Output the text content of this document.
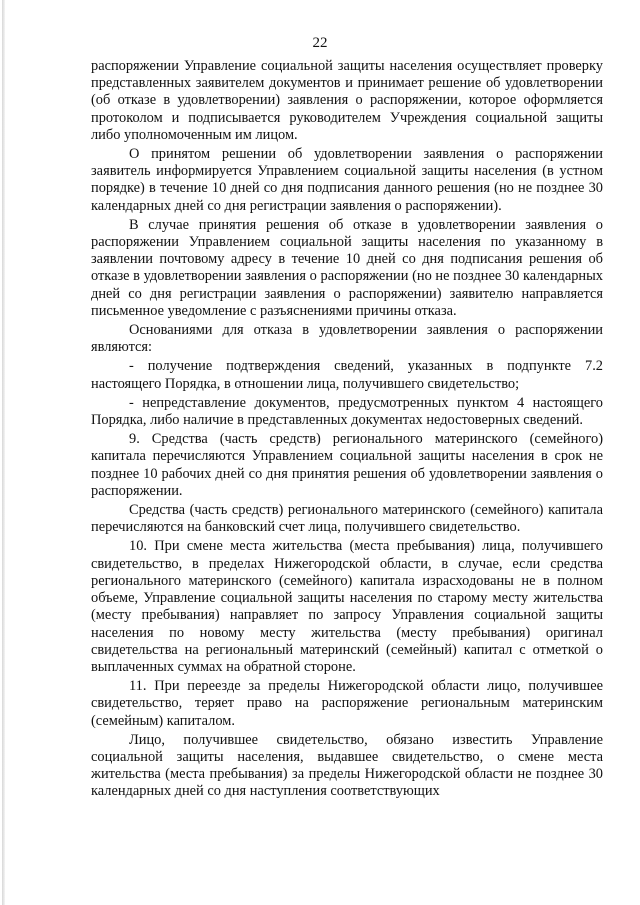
22

распоряжении Управление социальной защиты населения осуществляет проверку представленных заявителем документов и принимает решение об удовлетворении (об отказе в удовлетворении) заявления о распоряжении, которое оформляется протоколом и подписывается руководителем Учреждения социальной защиты либо уполномоченным им лицом.

О принятом решении об удовлетворении заявления о распоряжении заявитель информируется Управлением социальной защиты населения (в устном порядке) в течение 10 дней со дня подписания данного решения (но не позднее 30 календарных дней со дня регистрации заявления о распоряжении).

В случае принятия решения об отказе в удовлетворении заявления о распоряжении Управлением социальной защиты населения по указанному в заявлении почтовому адресу в течение 10 дней со дня подписания решения об отказе в удовлетворении заявления о распоряжении (но не позднее 30 календарных дней со дня регистрации заявления о распоряжении) заявителю направляется письменное уведомление с разъяснениями причины отказа.

Основаниями для отказа в удовлетворении заявления о распоряжении являются:

- получение подтверждения сведений, указанных в подпункте 7.2 настоящего Порядка, в отношении лица, получившего свидетельство;

- непредставление документов, предусмотренных пунктом 4 настоящего Порядка, либо наличие в представленных документах недостоверных сведений.

9. Средства (часть средств) регионального материнского (семейного) капитала перечисляются Управлением социальной защиты населения в срок не позднее 10 рабочих дней со дня принятия решения об удовлетворении заявления о распоряжении.

Средства (часть средств) регионального материнского (семейного) капитала перечисляются на банковский счет лица, получившего свидетельство.

10. При смене места жительства (места пребывания) лица, получившего свидетельство, в пределах Нижегородской области, в случае, если средства регионального материнского (семейного) капитала израсходованы не в полном объеме, Управление социальной защиты населения по старому месту жительства (месту пребывания) направляет по запросу Управления социальной защиты населения по новому месту жительства (месту пребывания) оригинал свидетельства на региональный материнский (семейный) капитал с отметкой о выплаченных суммах на обратной стороне.

11. При переезде за пределы Нижегородской области лицо, получившее свидетельство, теряет право на распоряжение региональным материнским (семейным) капиталом.

Лицо, получившее свидетельство, обязано известить Управление социальной защиты населения, выдавшее свидетельство, о смене места жительства (места пребывания) за пределы Нижегородской области не позднее 30 календарных дней со дня наступления соответствующих
